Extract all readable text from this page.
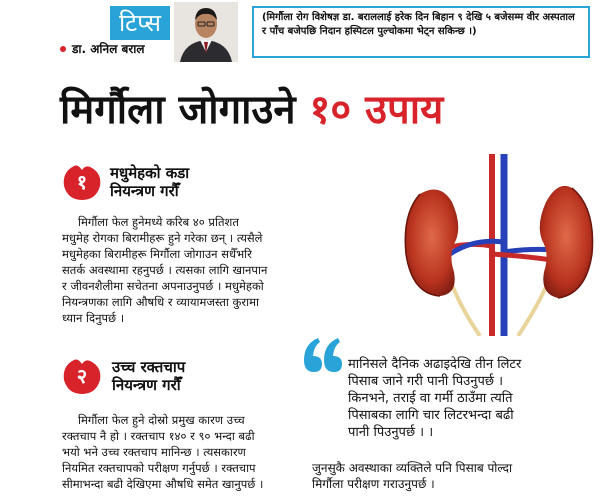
टिप्स
डा. अनिल बराल
(मिर्गौला रोग विशेषज्ञ डा. बराललाई हरेक दिन बिहान ९ देखि ५ बजेसम्म वीर अस्पताल र पाँच बजेपछि निदान हस्पिटल पुल्चोकमा भेट्न सकिन्छ ।)
मिर्गौला जोगाउने १० उपाय
१	मधुमेहको कडा
नियन्त्रण गरौँ
मिर्गौला फेल हुनेमध्ये करिब ४० प्रतिशत
मधुमेह रोगका बिरामीहरू हुने गरेका छन् । त्यसैले
मधुमेहका बिरामीहरू मिर्गौला जोगाउन सधैँभरि
सतर्क अवस्थामा रहनुपर्छ । त्यसका लागि खानपान
र जीवनशैलीमा सचेतना अपनाउनुपर्छ । मधुमेहको
नियन्त्रणका लागि औषधि र व्यायामजस्ता कुरामा
ध्यान दिनुपर्छ ।
२	उच्च रक्तचाप
नियन्त्रण गरौँ
मिर्गौला फेल हुने दोस्रो प्रमुख कारण उच्च
रक्तचाप नै हो । रक्तचाप १४० र ९० भन्दा बढी
भयो भने उच्च रक्तचाप मानिन्छ । त्यसकारण
नियमित रक्तचापको परीक्षण गर्नुपर्छ । रक्तचाप
सीमाभन्दा बढी देखिएमा औषधि समेत खानुपर्छ ।
मानिसले दैनिक अढाइदेखि तीन लिटर
पिसाब जाने गरी पानी पिउनुपर्छ ।
किनभने, तराई वा गर्मी ठाउँमा त्यति
पिसाबका लागि चार लिटरभन्दा बढी
पानी पिउनुपर्छ । ।
जुनसुकै अवस्थाका व्यक्तिले पनि पिसाब पोल्दा
मिर्गौला परीक्षण गराउनुपर्छ ।
